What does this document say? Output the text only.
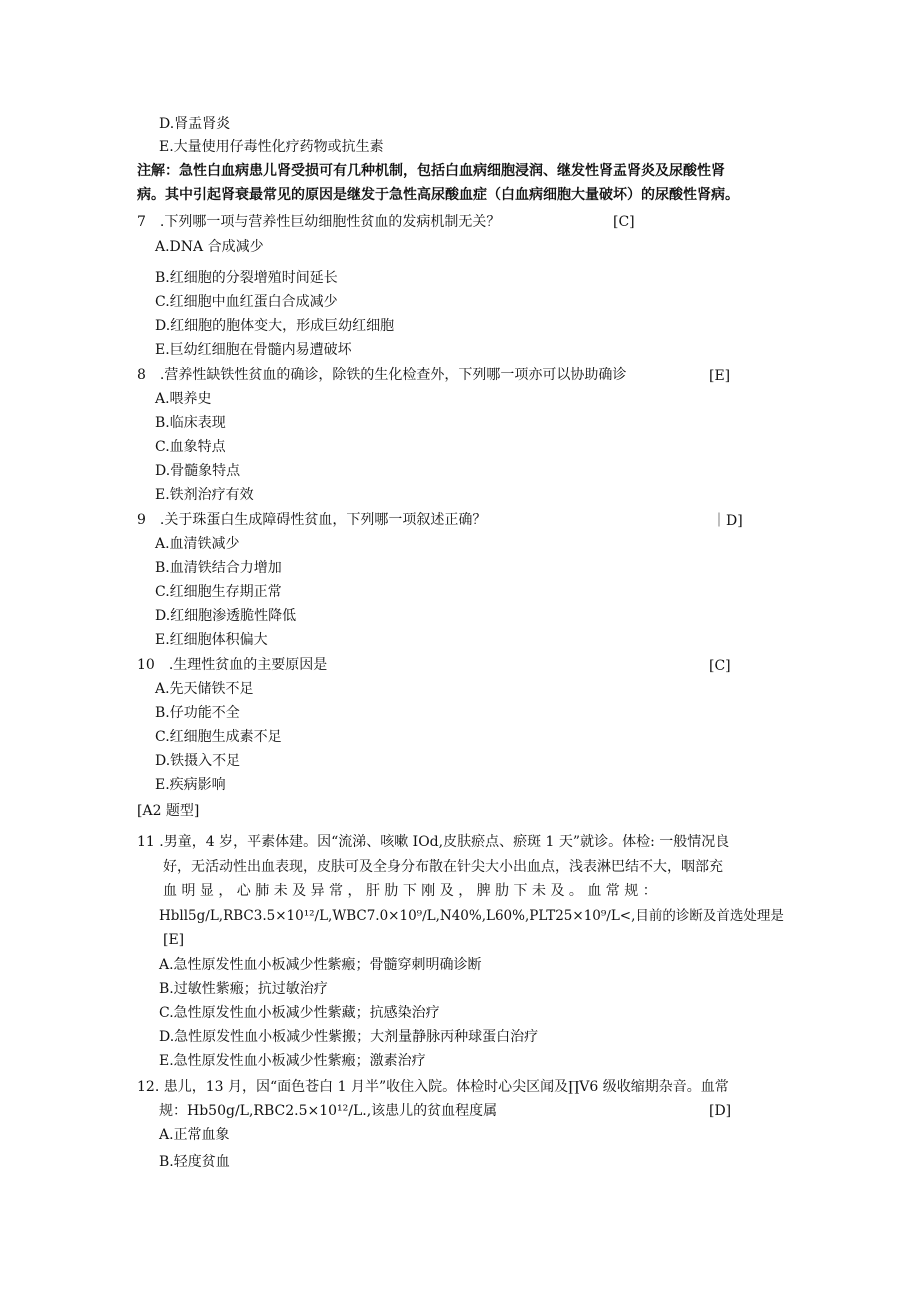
D.肾盂肾炎
E.大量使用仔毒性化疗药物或抗生素
注解：急性白血病患儿肾受损可有几种机制，包括白血病细胞浸润、继发性肾盂肾炎及尿酸性肾
病。其中引起肾衰最常见的原因是继发于急性高尿酸血症（白血病细胞大量破坏）的尿酸性肾病。
7　.下列哪一项与营养性巨幼细胞性贫血的发病机制无关？	[C]
A.DNA 合成减少
B.红细胞的分裂增殖时间延长
C.红细胞中血红蛋白合成减少
D.红细胞的胞体变大，形成巨幼红细胞
E.巨幼红细胞在骨髓内易遭破坏
8　.营养性缺铁性贫血的确诊，除铁的生化检查外，下列哪一项亦可以协助确诊	[E]
A.喂养史
B.临床表现
C.血象特点
D.骨髓象特点
E.铁剂治疗有效
9　.关于珠蛋白生成障碍性贫血，下列哪一项叙述正确？	｜D]
A.血清铁减少
B.血清铁结合力增加
C.红细胞生存期正常
D.红细胞渗透脆性降低
E.红细胞体积偏大
10　.生理性贫血的主要原因是	[C]
A.先天储铁不足
B.仔功能不全
C.红细胞生成素不足
D.铁摄入不足
E.疾病影响
[A2 题型]
11 .男童，4 岁，平素体建。因“流涕、咳嗽 IOd,皮肤瘀点、瘀斑 1 天”就诊。体检: 一般情况良
好，无活动性出血表现，皮肤可及全身分布散在针尖大小出血点，浅表淋巴结不大，咽部充
血 明 显 ， 心 肺 未 及 异 常 ， 肝 肋 下 刚 及 ， 脾 肋 下 未 及 。 血 常 规 ：
Hbll5g∕L,RBC3.5×10¹²∕L,WBC7.0×10⁹∕L,N40%,L60%,PLT25×10⁹∕L<,目前的诊断及首选处理是
[E]
A.急性原发性血小板减少性紫瘢；骨髓穿刺明确诊断
B.过敏性紫瘢；抗过敏治疗
C.急性原发性血小板减少性紫藏；抗感染治疗
D.急性原发性血小板减少性紫搬；大剂量静脉丙种球蛋白治疗
E.急性原发性血小板减少性紫瘢；激素治疗
12. 患儿，13 月，因“面色苍白 1 月半”收住入院。体检时心尖区闻及∏V6 级收缩期杂音。血常
规：Hb50g∕L,RBC2.5×10¹²∕L.,该患儿的贫血程度属	[D]
A.正常血象
B.轻度贫血
